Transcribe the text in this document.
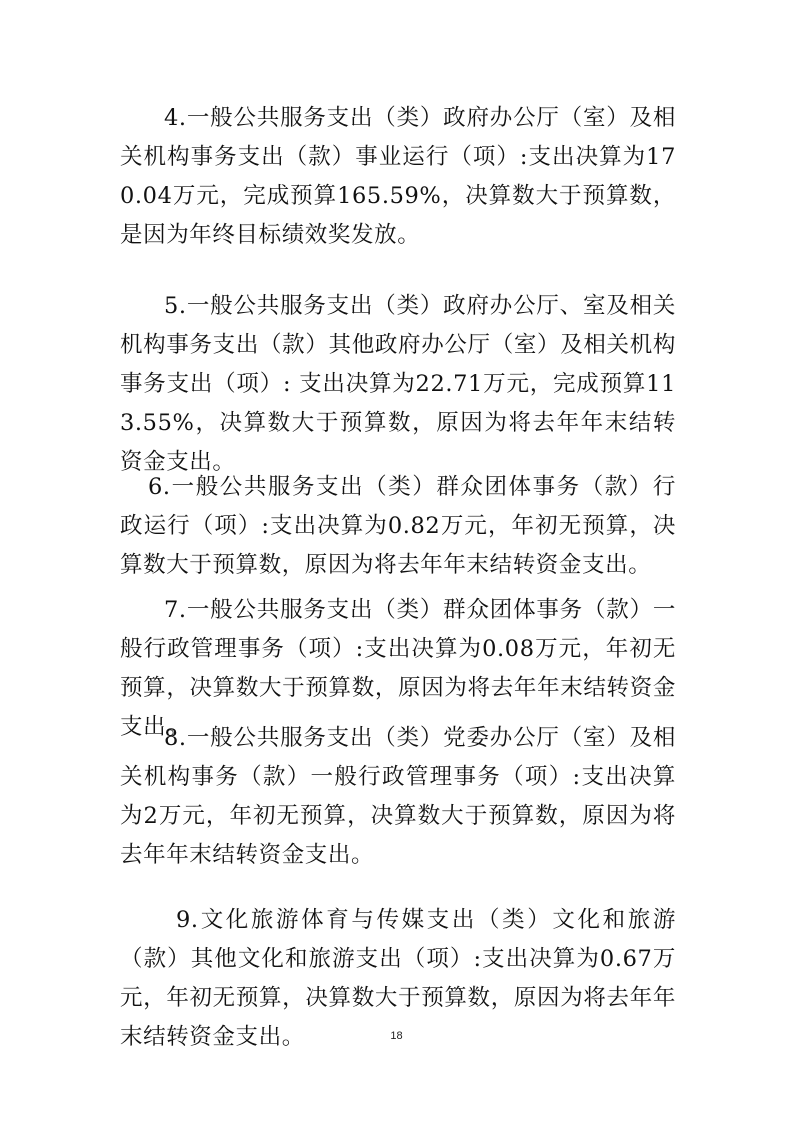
4.一般公共服务支出（类）政府办公厅（室）及相关机构事务支出（款）事业运行（项）:支出决算为170.04万元，完成预算165.59%，决算数大于预算数，是因为年终目标绩效奖发放。

5.一般公共服务支出（类）政府办公厅、室及相关机构事务支出（款）其他政府办公厅（室）及相关机构事务支出（项）: 支出决算为22.71万元，完成预算113.55%，决算数大于预算数，原因为将去年年末结转资金支出。

6.一般公共服务支出（类）群众团体事务（款）行政运行（项）:支出决算为0.82万元，年初无预算，决算数大于预算数，原因为将去年年末结转资金支出。

7.一般公共服务支出（类）群众团体事务（款）一般行政管理事务（项）:支出决算为0.08万元，年初无预算，决算数大于预算数，原因为将去年年末结转资金支出。

8.一般公共服务支出（类）党委办公厅（室）及相关机构事务（款）一般行政管理事务（项）:支出决算为2万元，年初无预算，决算数大于预算数，原因为将去年年末结转资金支出。

9.文化旅游体育与传媒支出（类）文化和旅游（款）其他文化和旅游支出（项）:支出决算为0.67万元，年初无预算，决算数大于预算数，原因为将去年年末结转资金支出。	18
